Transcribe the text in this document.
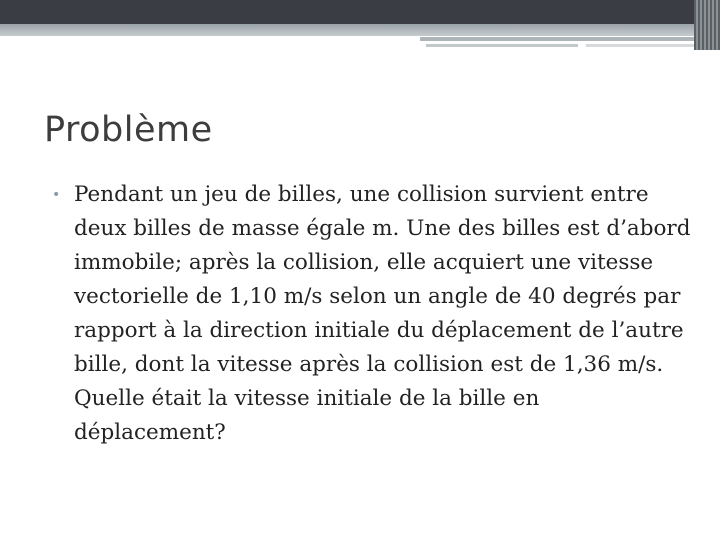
Problème
• Pendant un jeu de billes, une collision survient entre deux billes de masse égale m. Une des billes est d’abord immobile; après la collision, elle acquiert une vitesse vectorielle de 1,10 m/s selon un angle de 40 degrés par rapport à la direction initiale du déplacement de l’autre bille, dont la vitesse après la collision est de 1,36 m/s. Quelle était la vitesse initiale de la bille en déplacement?
